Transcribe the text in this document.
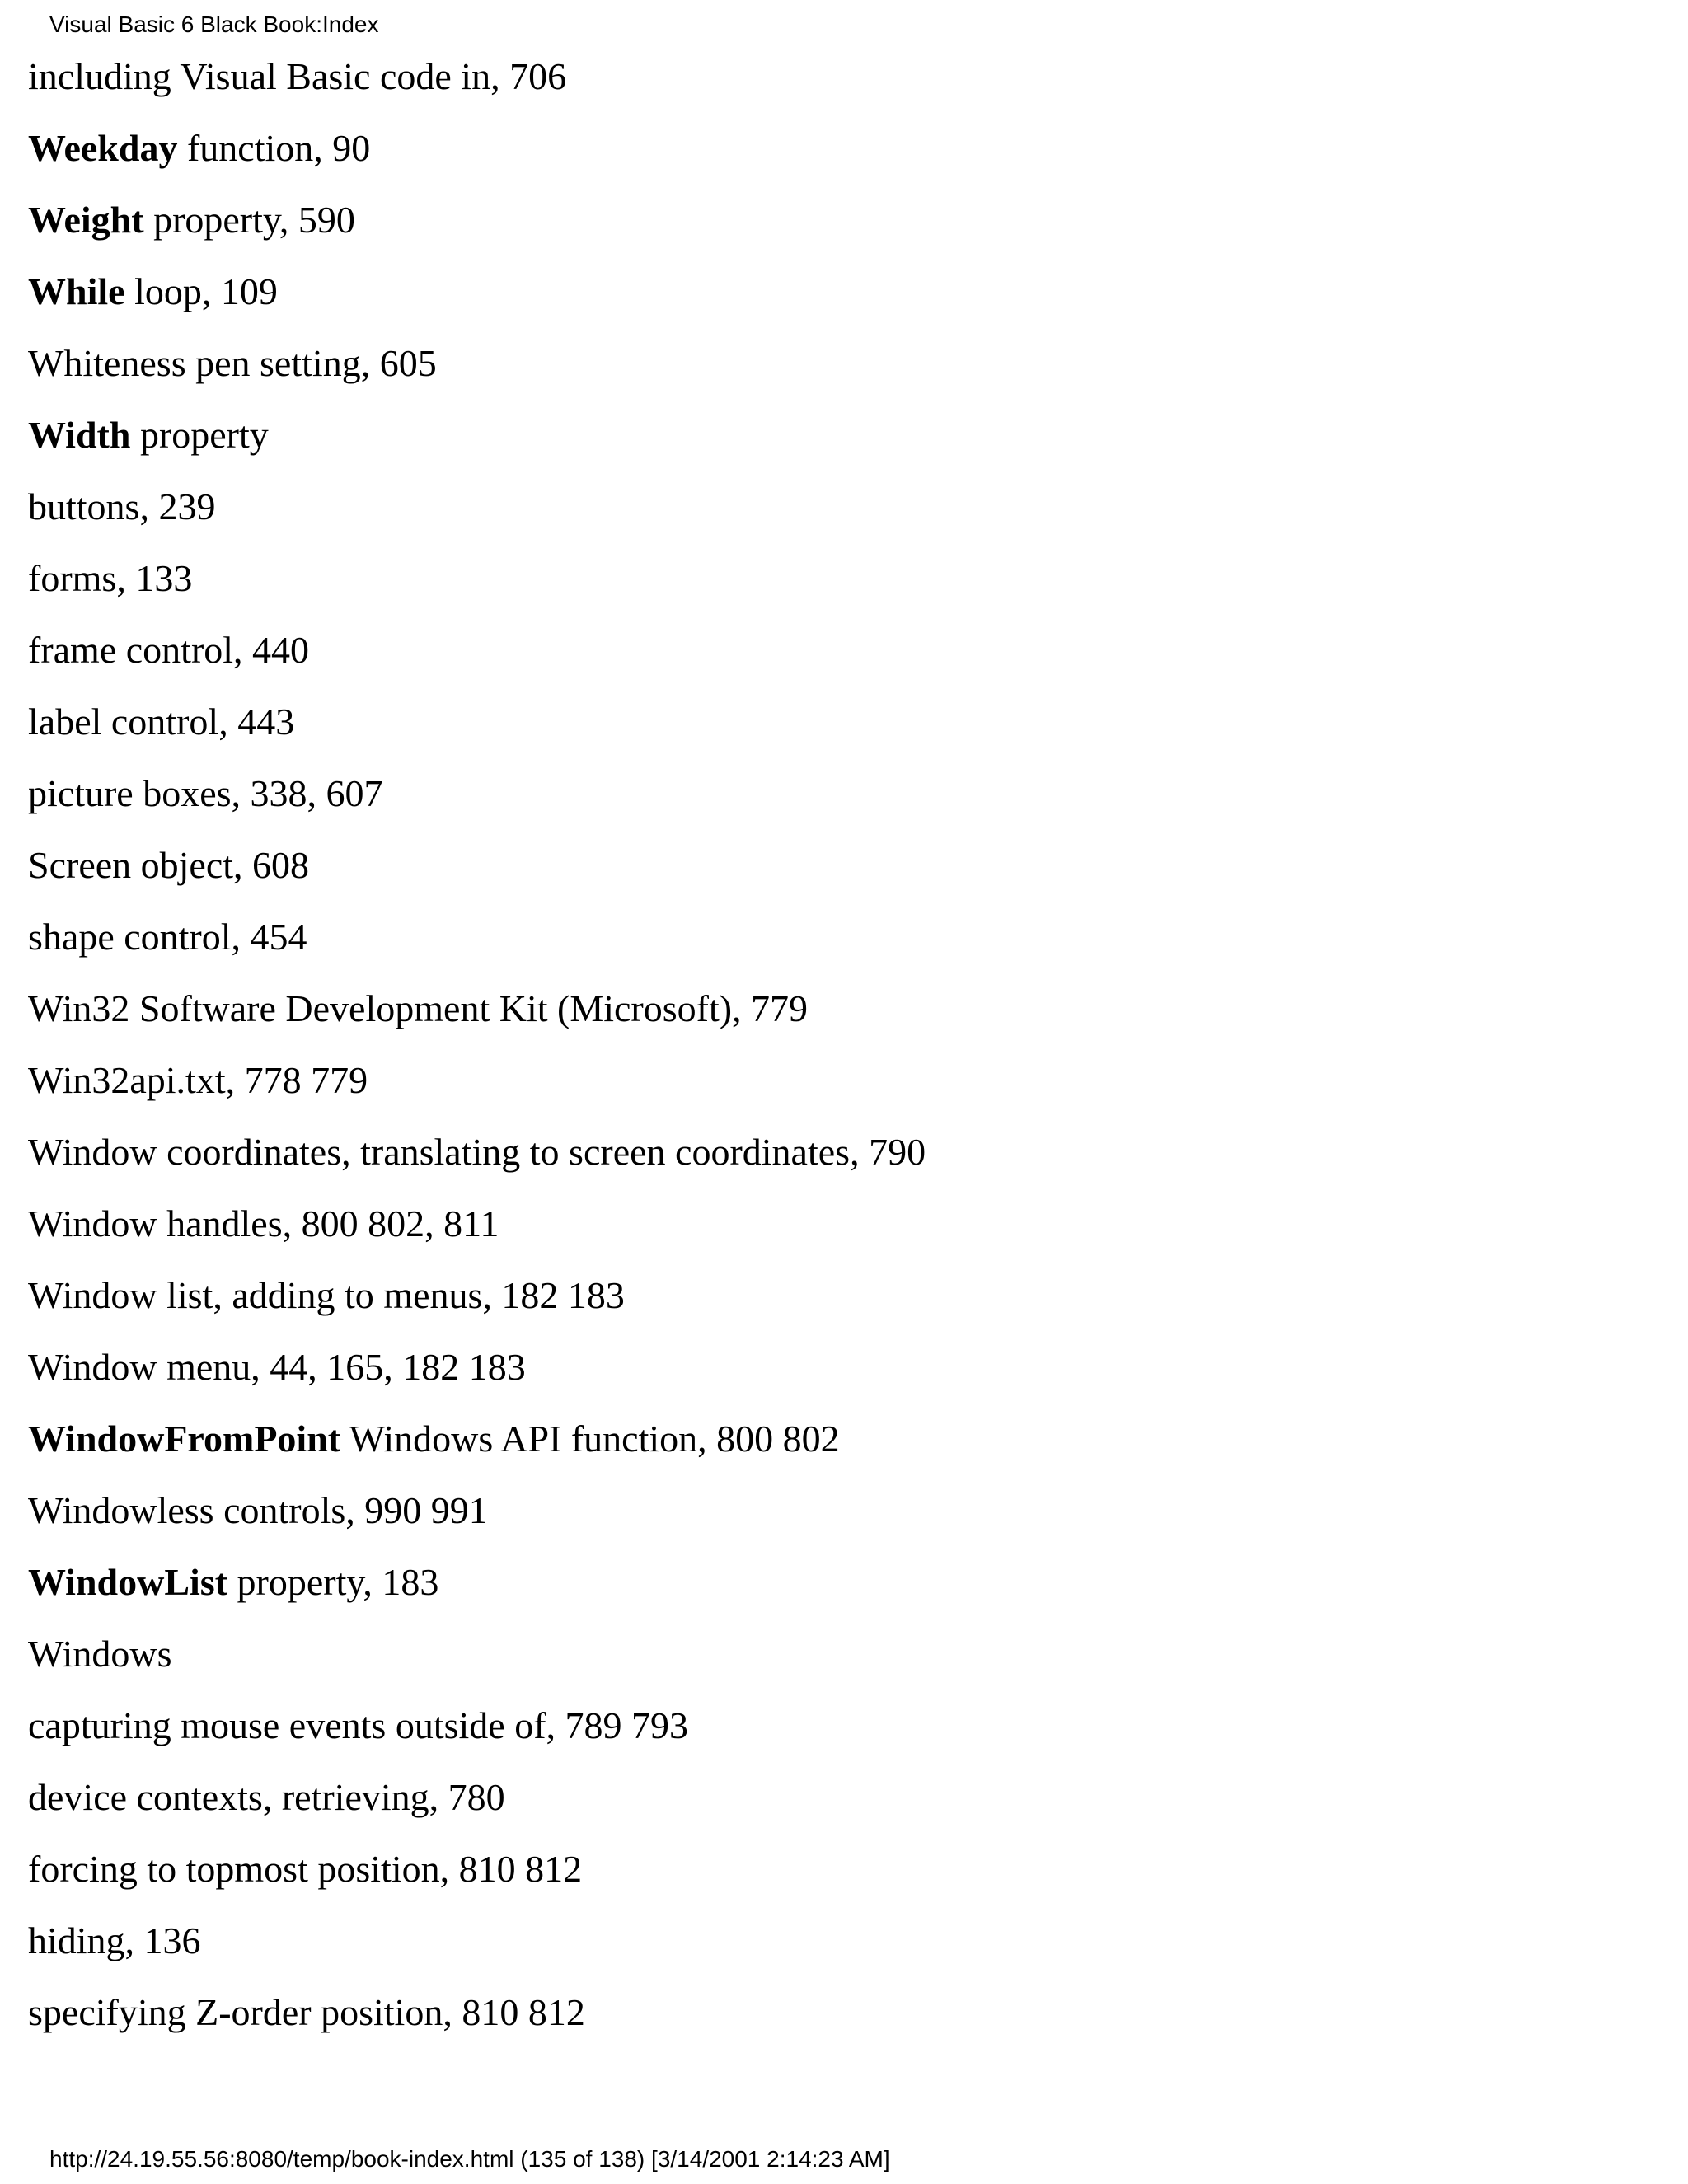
Visual Basic 6 Black Book:Index
including Visual Basic code in, 706
Weekday function, 90
Weight property, 590
While loop, 109
Whiteness pen setting, 605
Width property
buttons, 239
forms, 133
frame control, 440
label control, 443
picture boxes, 338, 607
Screen object, 608
shape control, 454
Win32 Software Development Kit (Microsoft), 779
Win32api.txt, 778 779
Window coordinates, translating to screen coordinates, 790
Window handles, 800 802, 811
Window list, adding to menus, 182 183
Window menu, 44, 165, 182 183
WindowFromPoint Windows API function, 800 802
Windowless controls, 990 991
WindowList property, 183
Windows
capturing mouse events outside of, 789 793
device contexts, retrieving, 780
forcing to topmost position, 810 812
hiding, 136
specifying Z-order position, 810 812
http://24.19.55.56:8080/temp/book-index.html (135 of 138) [3/14/2001 2:14:23 AM]
